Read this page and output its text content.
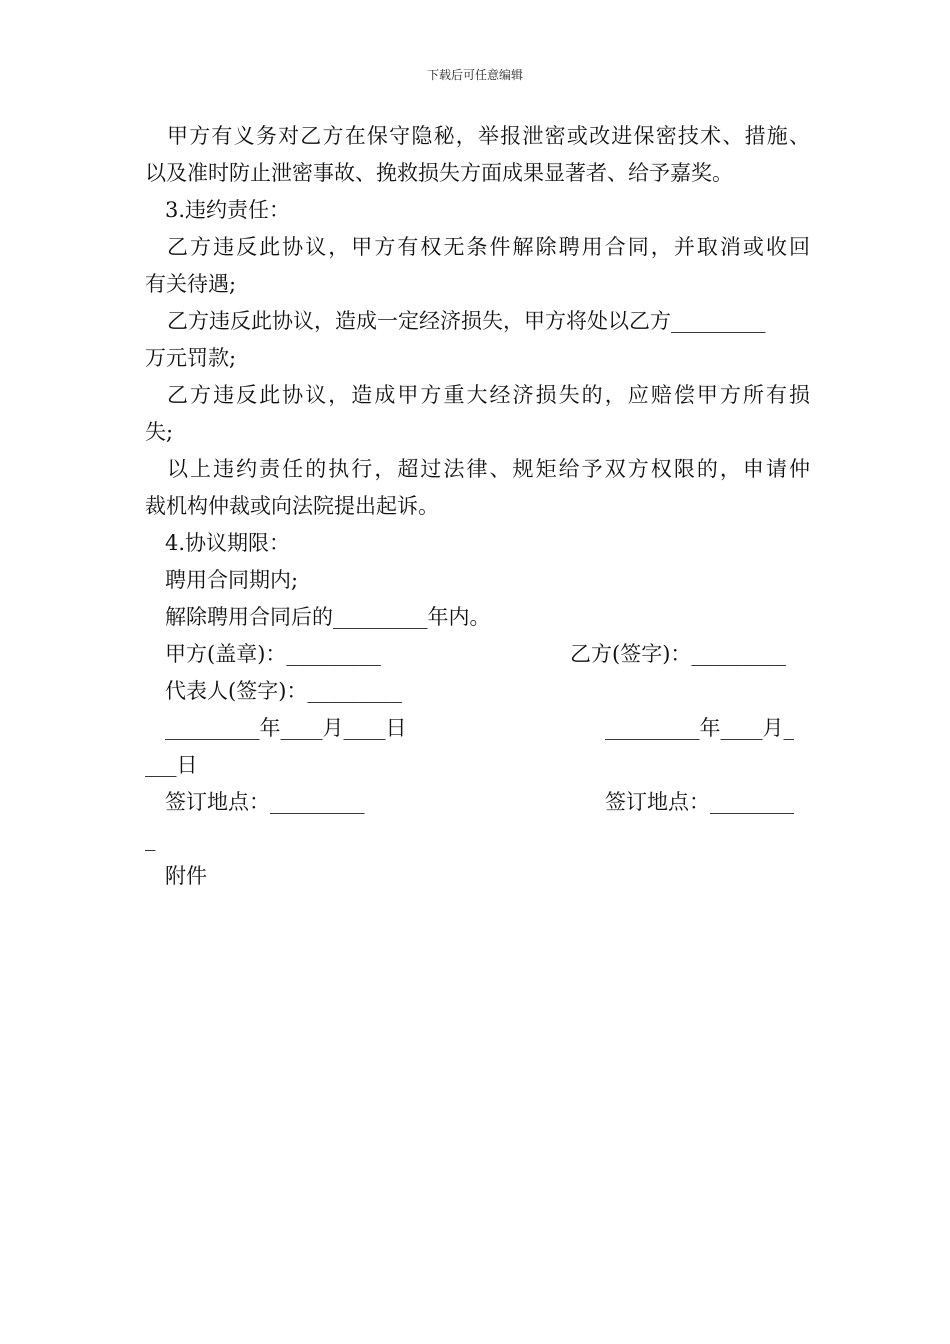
下载后可任意编辑
甲方有义务对乙方在保守隐秘，举报泄密或改进保密技术、措施、
以及准时防止泄密事故、挽救损失方面成果显著者、给予嘉奖。
3.违约责任：
乙方违反此协议，甲方有权无条件解除聘用合同，并取消或收回
有关待遇;
乙方违反此协议，造成一定经济损失，甲方将处以乙方_________
万元罚款;
乙方违反此协议，造成甲方重大经济损失的，应赔偿甲方所有损
失;
以上违约责任的执行，超过法律、规矩给予双方权限的，申请仲
裁机构仲裁或向法院提出起诉。
4.协议期限：
聘用合同期内;
解除聘用合同后的_________年内。
甲方(盖章)：_________	乙方(签字)：_________
代表人(签字)：_________
_________年____月____日	_________年____月_
___日
签订地点：_________	签订地点：________
_
附件
